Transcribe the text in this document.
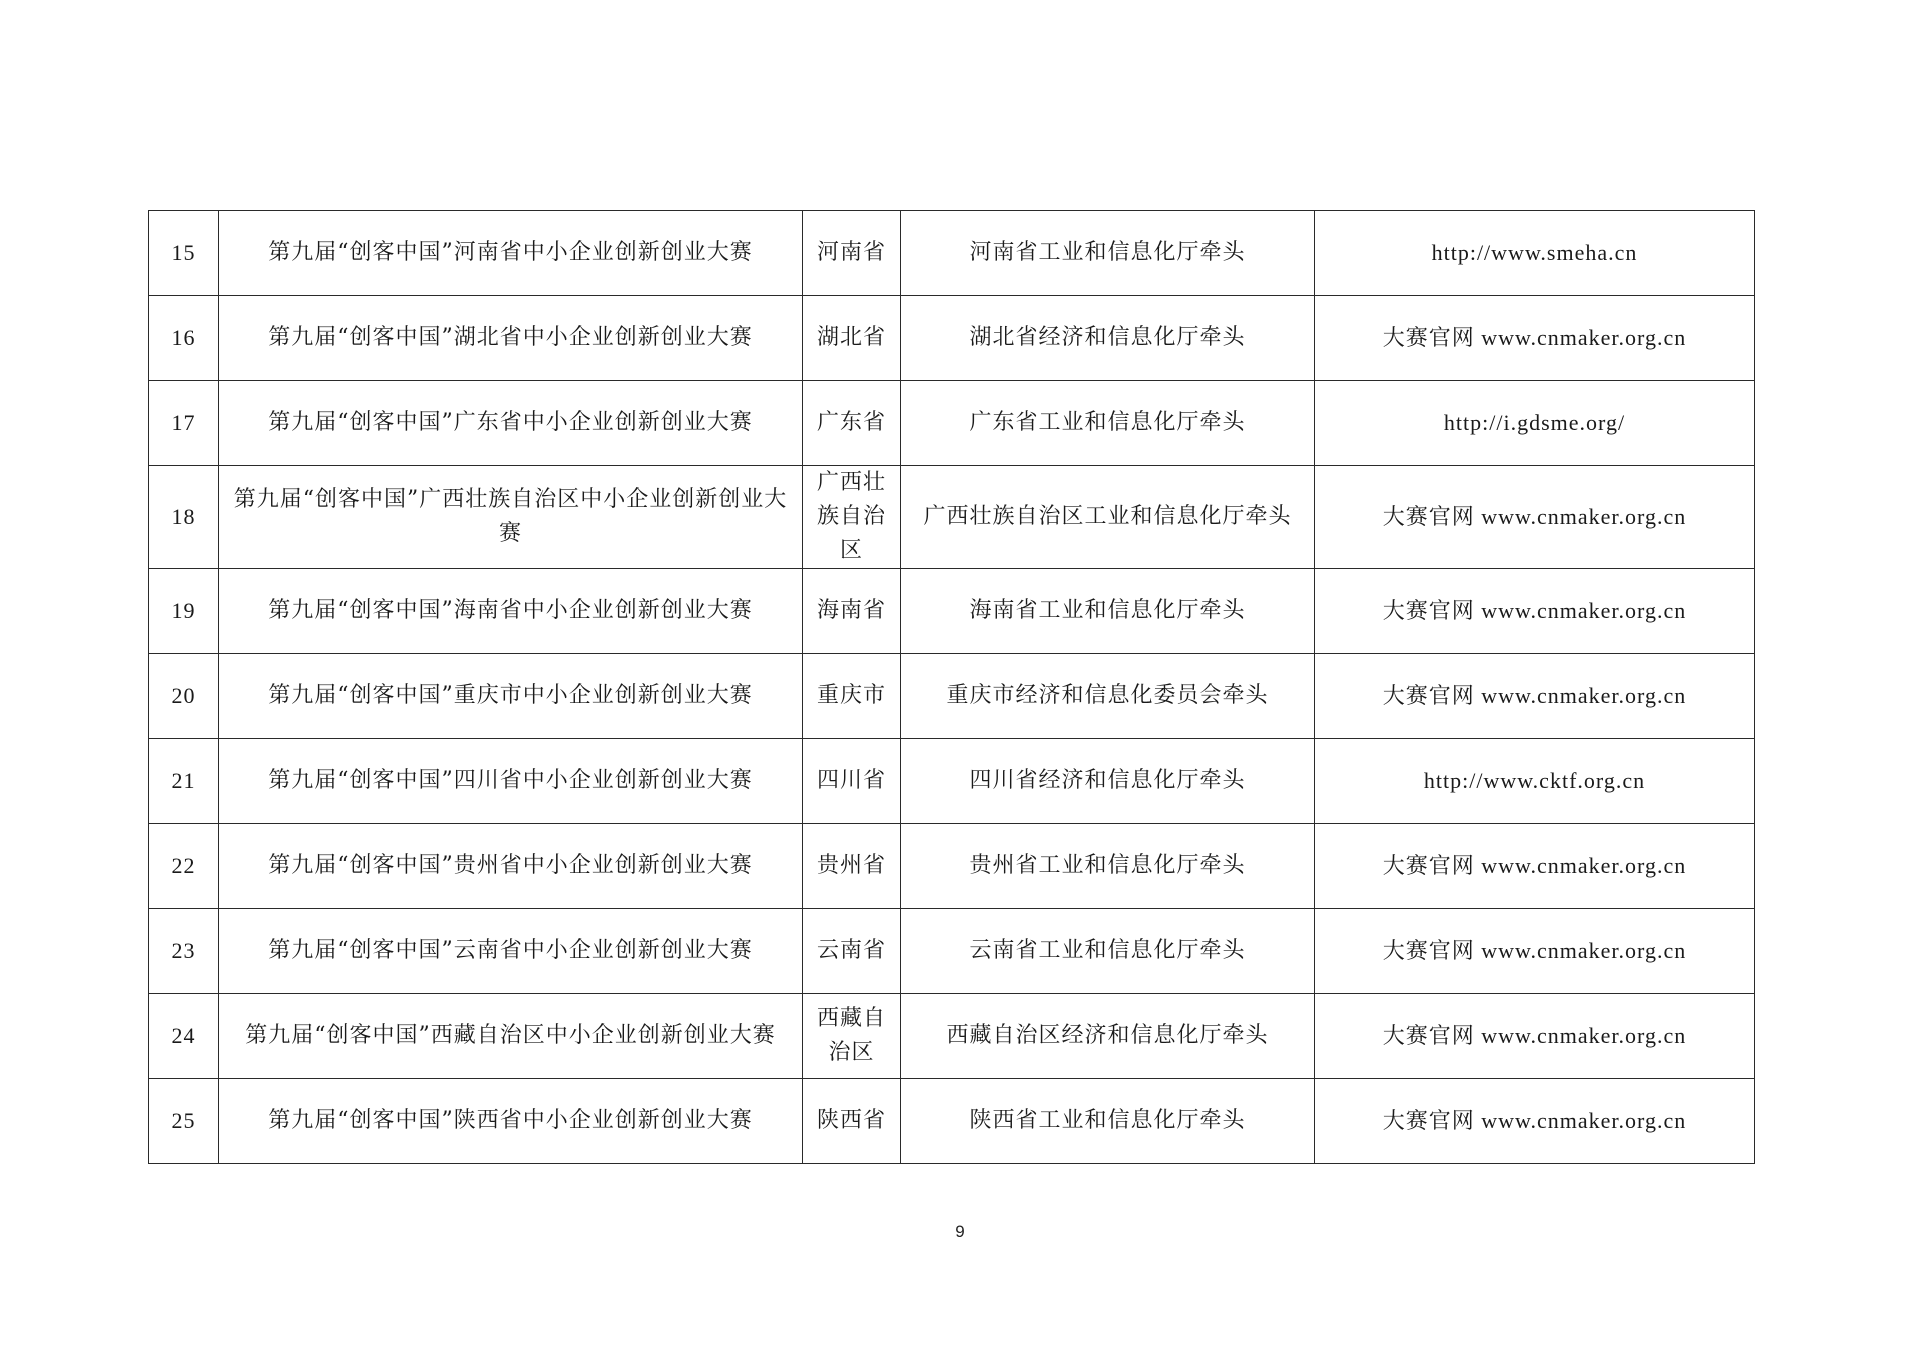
15	第九届“创客中国”河南省中小企业创新创业大赛	河南省	河南省工业和信息化厅牵头	http://www.smeha.cn
16	第九届“创客中国”湖北省中小企业创新创业大赛	湖北省	湖北省经济和信息化厅牵头	大赛官网 www.cnmaker.org.cn
17	第九届“创客中国”广东省中小企业创新创业大赛	广东省	广东省工业和信息化厅牵头	http://i.gdsme.org/
18	第九届“创客中国”广西壮族自治区中小企业创新创业大赛	广西壮族自治区	广西壮族自治区工业和信息化厅牵头	大赛官网 www.cnmaker.org.cn
19	第九届“创客中国”海南省中小企业创新创业大赛	海南省	海南省工业和信息化厅牵头	大赛官网 www.cnmaker.org.cn
20	第九届“创客中国”重庆市中小企业创新创业大赛	重庆市	重庆市经济和信息化委员会牵头	大赛官网 www.cnmaker.org.cn
21	第九届“创客中国”四川省中小企业创新创业大赛	四川省	四川省经济和信息化厅牵头	http://www.cktf.org.cn
22	第九届“创客中国”贵州省中小企业创新创业大赛	贵州省	贵州省工业和信息化厅牵头	大赛官网 www.cnmaker.org.cn
23	第九届“创客中国”云南省中小企业创新创业大赛	云南省	云南省工业和信息化厅牵头	大赛官网 www.cnmaker.org.cn
24	第九届“创客中国”西藏自治区中小企业创新创业大赛	西藏自治区	西藏自治区经济和信息化厅牵头	大赛官网 www.cnmaker.org.cn
25	第九届“创客中国”陕西省中小企业创新创业大赛	陕西省	陕西省工业和信息化厅牵头	大赛官网 www.cnmaker.org.cn
9
